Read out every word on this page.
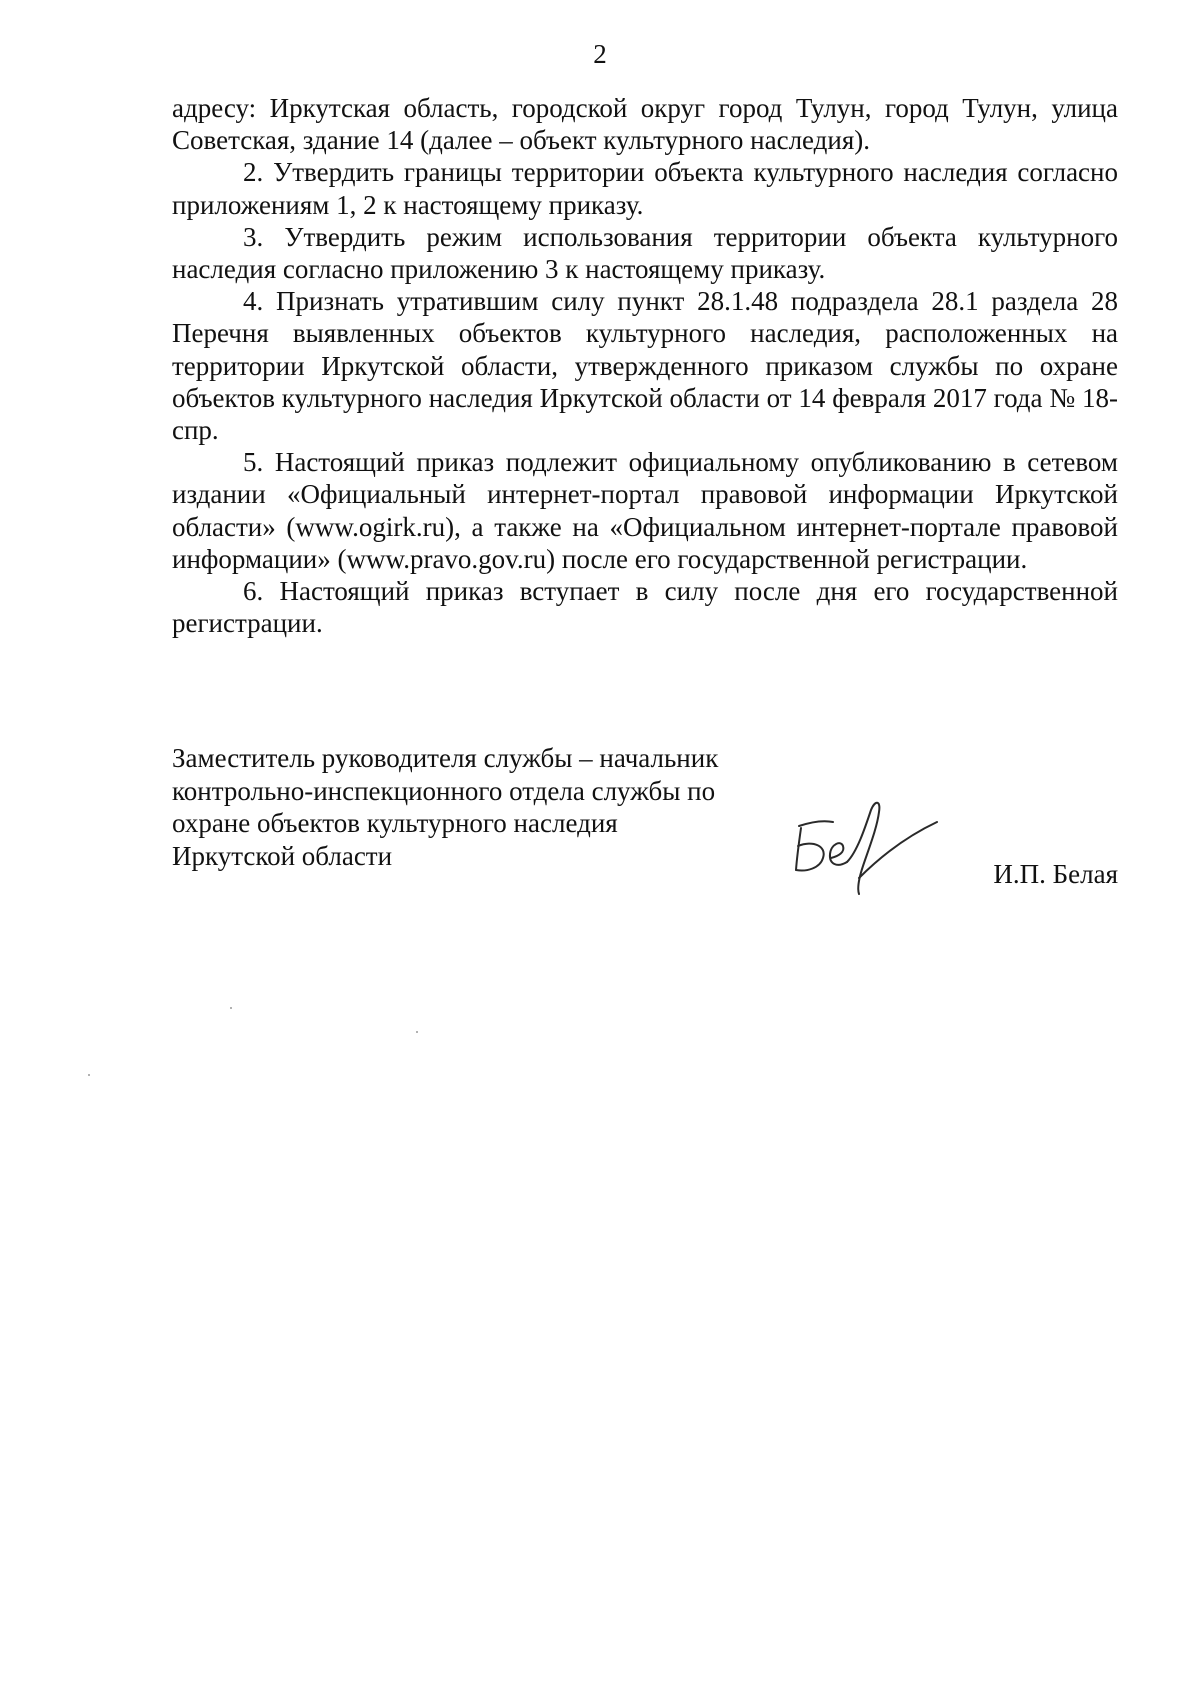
2

адресу: Иркутская область, городской округ город Тулун, город Тулун, улица Советская, здание 14 (далее – объект культурного наследия).

2. Утвердить границы территории объекта культурного наследия согласно приложениям 1, 2 к настоящему приказу.

3. Утвердить режим использования территории объекта культурного наследия согласно приложению 3 к настоящему приказу.

4. Признать утратившим силу пункт 28.1.48 подраздела 28.1 раздела 28 Перечня выявленных объектов культурного наследия, расположенных на территории Иркутской области, утвержденного приказом службы по охране объектов культурного наследия Иркутской области от 14 февраля 2017 года № 18-спр.

5. Настоящий приказ подлежит официальному опубликованию в сетевом издании «Официальный интернет-портал правовой информации Иркутской области» (www.ogirk.ru), а также на «Официальном интернет-портале правовой информации» (www.pravo.gov.ru) после его государственной регистрации.

6. Настоящий приказ вступает в силу после дня его государственной регистрации.

Заместитель руководителя службы – начальник
контрольно-инспекционного отдела службы по
охране объектов культурного наследия
Иркутской области
И.П. Белая
